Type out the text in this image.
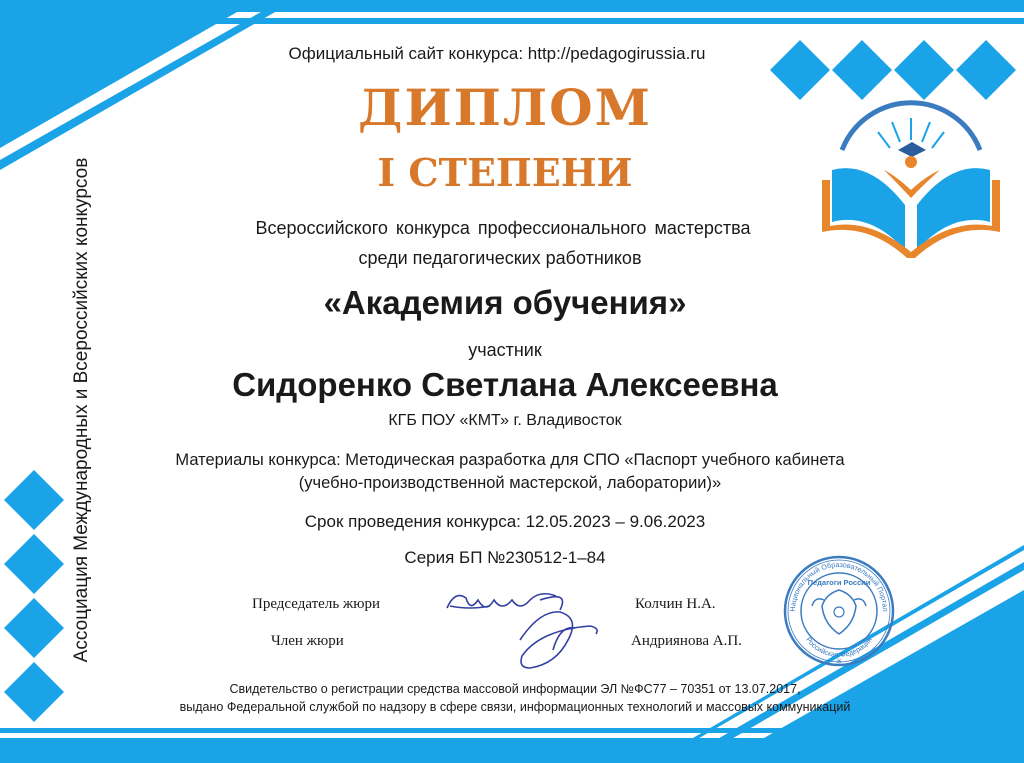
✳
Официальный сайт конкурса: http://pedagogirussia.ru
ДИПЛОМ
I СТЕПЕНИ
Всероссийского конкурса профессионального мастерства
среди педагогических работников
«Академия обучения»
участник
Сидоренко Светлана Алексеевна
КГБ ПОУ «КМТ» г. Владивосток
Материалы конкурса: Методическая разработка для СПО «Паспорт учебного кабинета
(учебно-производственной мастерской, лаборатории)»
Срок проведения конкурса: 12.05.2023 – 9.06.2023
Серия БП №230512-1–84
Председатель жюри	Колчин Н.А.
Член жюри	Андриянова А.П.
Национальный Образовательный Портал
Педагоги России
Российская Федерация
Ассоциация Международных и Всероссийских конкурсов
Свидетельство о регистрации средства массовой информации ЭЛ №ФС77 – 70351 от 13.07.2017,
выдано Федеральной службой по надзору в сфере связи, информационных технологий и массовых коммуникаций
